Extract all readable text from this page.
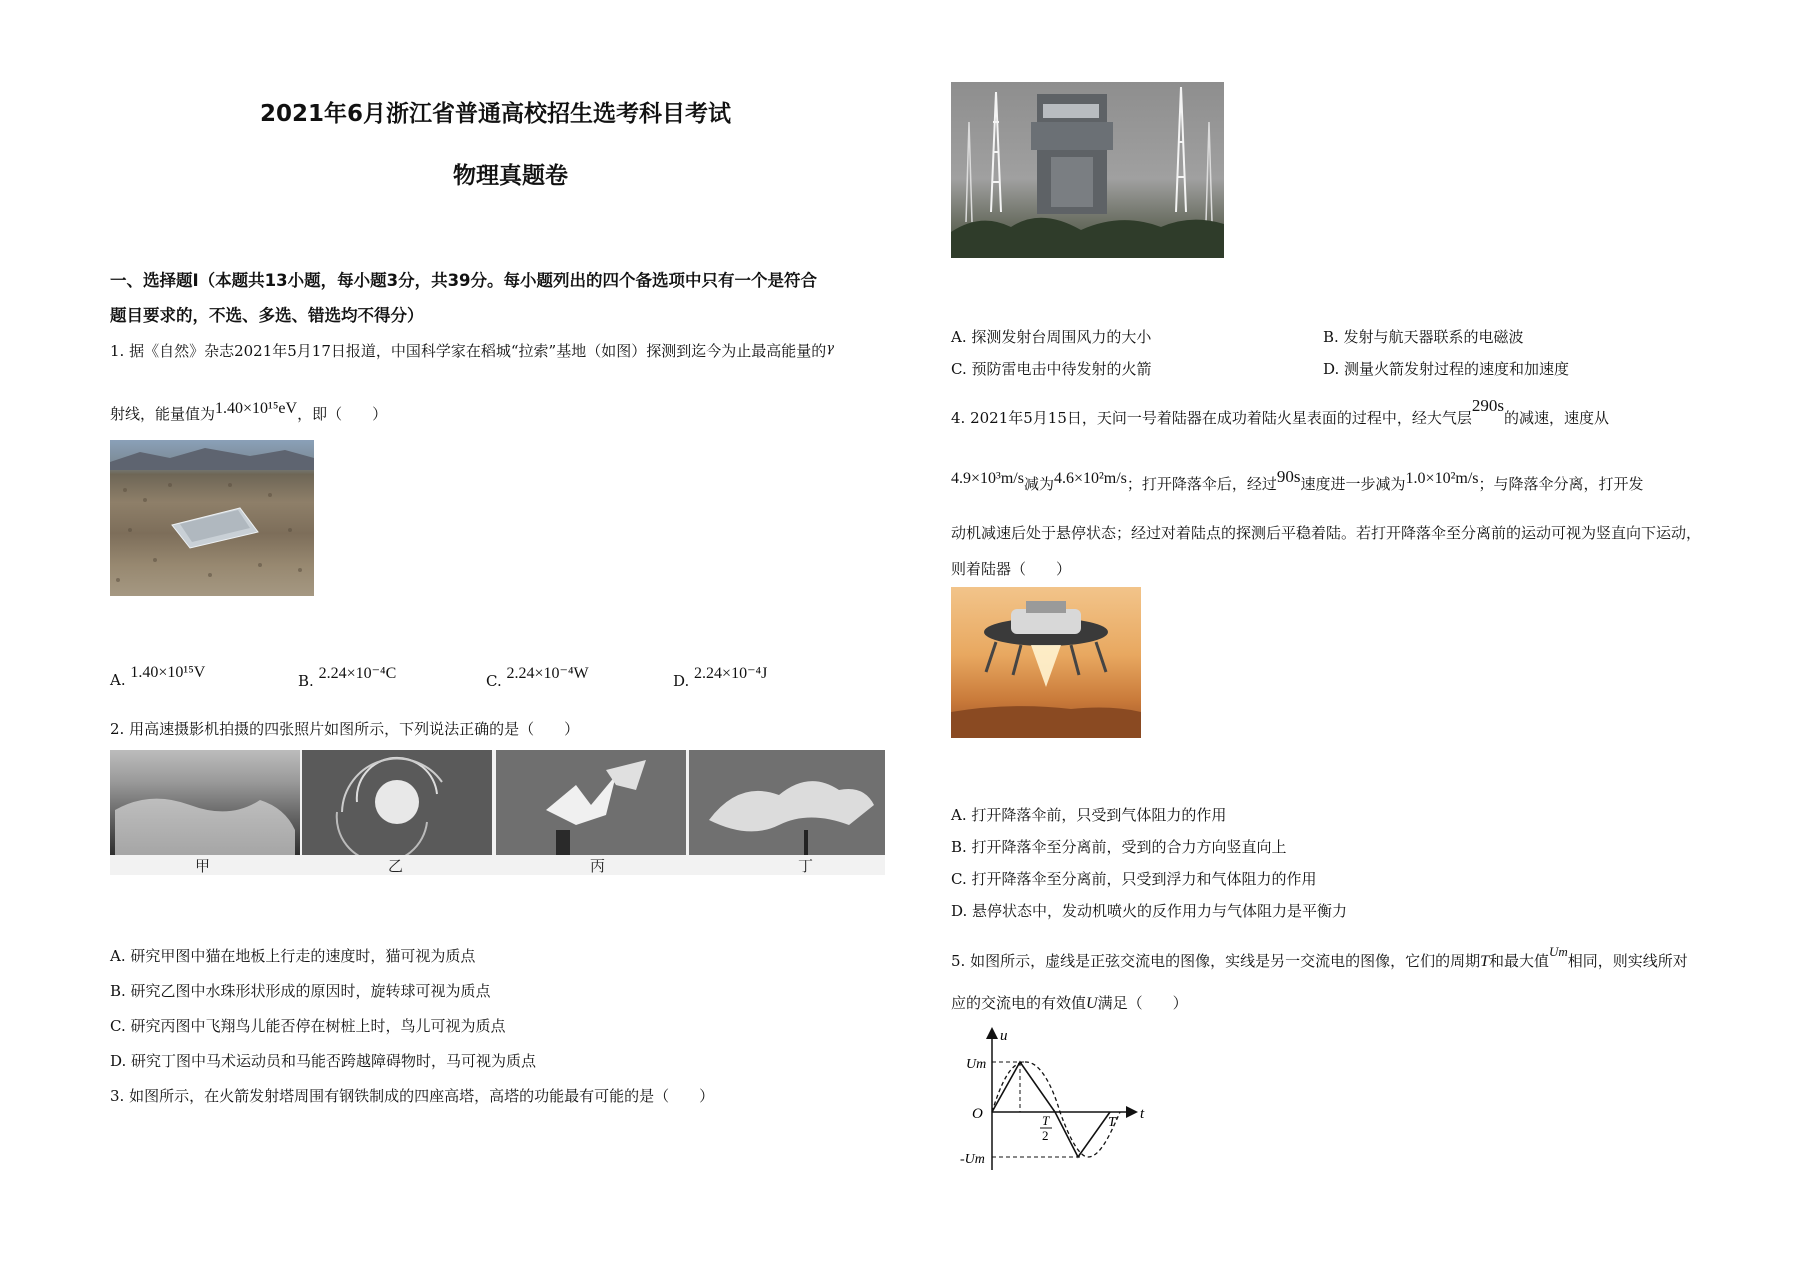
2021年6月浙江省普通高校招生选考科目考试
物理真题卷
一、选择题Ⅰ（本题共13小题，每小题3分，共39分。每小题列出的四个备选项中只有一个是符合
题目要求的，不选、多选、错选均不得分）
1. 据《自然》杂志2021年5月17日报道，中国科学家在稻城“拉索”基地（如图）探测到迄今为止最高能量的γ
射线，能量值为1.40×10¹⁵eV，即（　　）
A. 1.40×10¹⁵V	B. 2.24×10⁻⁴C	C. 2.24×10⁻⁴W	D. 2.24×10⁻⁴J
2. 用高速摄影机拍摄的四张照片如图所示，下列说法正确的是（　　）
甲	乙	丙	丁
A. 研究甲图中猫在地板上行走的速度时，猫可视为质点
B. 研究乙图中水珠形状形成的原因时，旋转球可视为质点
C. 研究丙图中飞翔鸟儿能否停在树桩上时，鸟儿可视为质点
D. 研究丁图中马术运动员和马能否跨越障碍物时，马可视为质点
3. 如图所示，在火箭发射塔周围有钢铁制成的四座高塔，高塔的功能最有可能的是（　　）
A. 探测发射台周围风力的大小	B. 发射与航天器联系的电磁波
C. 预防雷电击中待发射的火箭	D. 测量火箭发射过程的速度和加速度
4. 2021年5月15日，天问一号着陆器在成功着陆火星表面的过程中，经大气层290s的减速，速度从
4.9×10³m/s减为4.6×10²m/s；打开降落伞后，经过90s速度进一步减为1.0×10²m/s；与降落伞分离，打开发
动机减速后处于悬停状态；经过对着陆点的探测后平稳着陆。若打开降落伞至分离前的运动可视为竖直向下运动，
则着陆器（　　）
A. 打开降落伞前，只受到气体阻力的作用
B. 打开降落伞至分离前，受到的合力方向竖直向上
C. 打开降落伞至分离前，只受到浮力和气体阻力的作用
D. 悬停状态中，发动机喷火的反作用力与气体阻力是平衡力
5. 如图所示，虚线是正弦交流电的图像，实线是另一交流电的图像，它们的周期T和最大值Um相同，则实线所对
应的交流电的有效值U满足（　　）
u
t
O
Um
-Um
T
2
T
